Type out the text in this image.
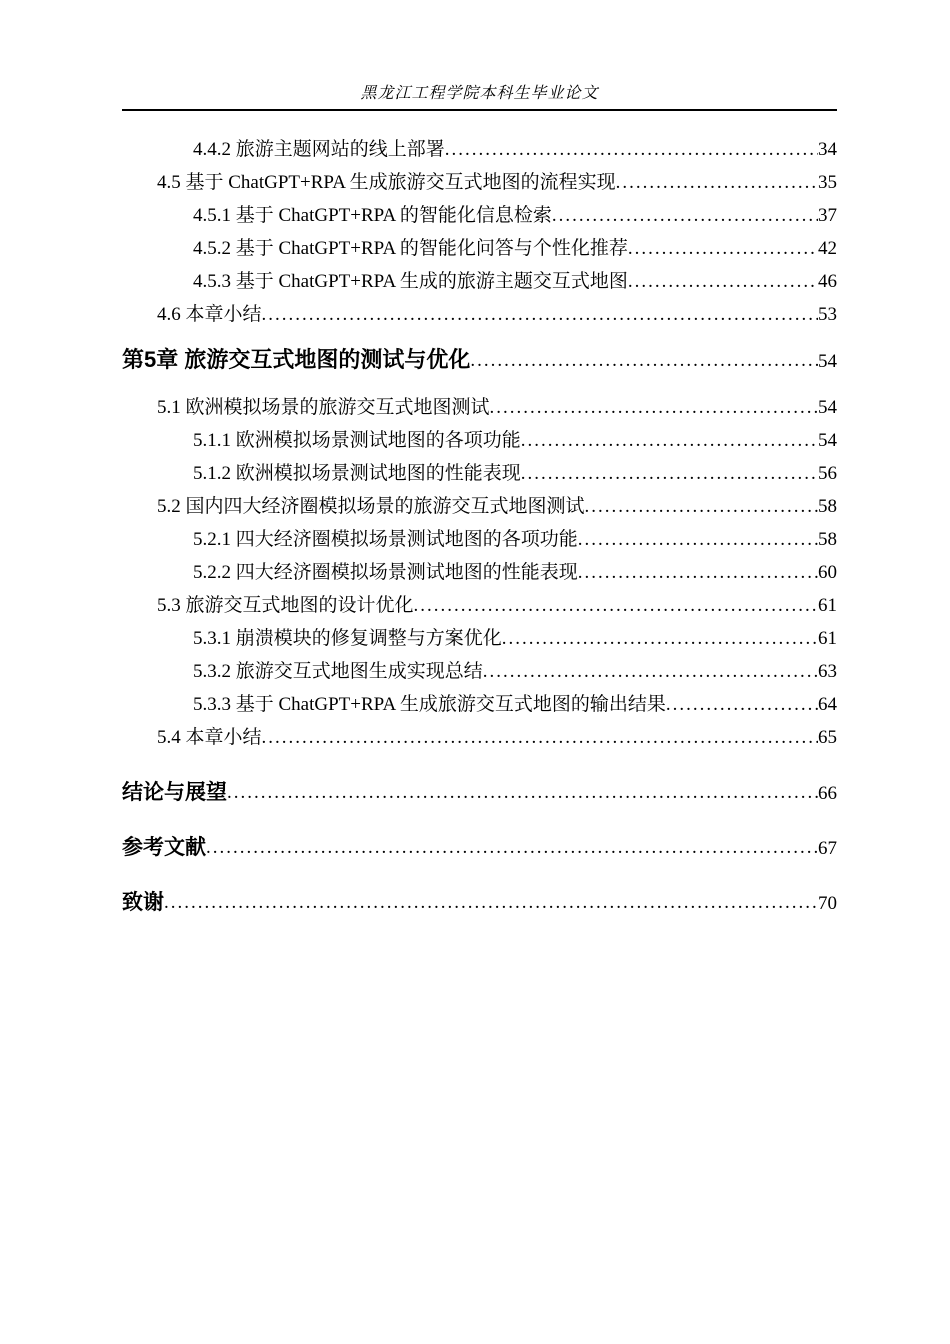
黑龙江工程学院本科生毕业论文
4.4.2 旅游主题网站的线上部署 .....	34
4.5 基于 ChatGPT+RPA 生成旅游交互式地图的流程实现 .....	35
4.5.1 基于 ChatGPT+RPA 的智能化信息检索 .....	37
4.5.2 基于 ChatGPT+RPA 的智能化问答与个性化推荐 .....	42
4.5.3 基于 ChatGPT+RPA 生成的旅游主题交互式地图 .....	46
4.6 本章小结 .....	53
第5章 旅游交互式地图的测试与优化 .....	54
5.1 欧洲模拟场景的旅游交互式地图测试 .....	54
5.1.1 欧洲模拟场景测试地图的各项功能 .....	54
5.1.2 欧洲模拟场景测试地图的性能表现 .....	56
5.2 国内四大经济圈模拟场景的旅游交互式地图测试 .....	58
5.2.1 四大经济圈模拟场景测试地图的各项功能 .....	58
5.2.2 四大经济圈模拟场景测试地图的性能表现 .....	60
5.3 旅游交互式地图的设计优化 .....	61
5.3.1 崩溃模块的修复调整与方案优化 .....	61
5.3.2 旅游交互式地图生成实现总结 .....	63
5.3.3 基于 ChatGPT+RPA 生成旅游交互式地图的输出结果 .....	64
5.4 本章小结 .....	65
结论与展望 .....	66
参考文献 .....	67
致谢 .....	70
